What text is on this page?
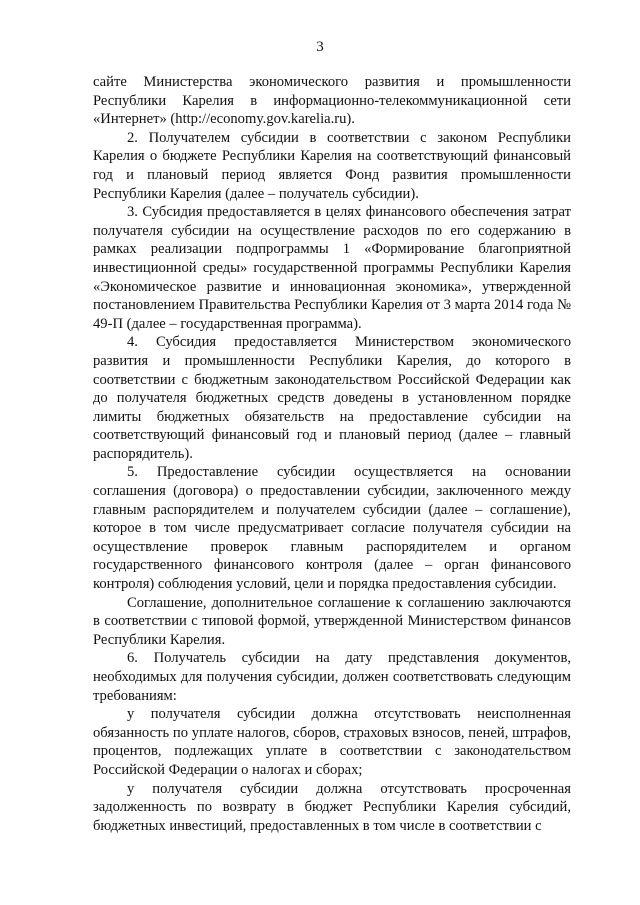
3

сайте Министерства экономического развития и промышленности Республики Карелия в информационно-телекоммуникационной сети «Интернет» (http://economy.gov.karelia.ru).

2. Получателем субсидии в соответствии с законом Республики Карелия о бюджете Республики Карелия на соответствующий финансовый год и плановый период является Фонд развития промышленности Республики Карелия (далее – получатель субсидии).

3. Субсидия предоставляется в целях финансового обеспечения затрат получателя субсидии на осуществление расходов по его содержанию в рамках реализации подпрограммы 1 «Формирование благоприятной инвестиционной среды» государственной программы Республики Карелия «Экономическое развитие и инновационная экономика», утвержденной постановлением Правительства Республики Карелия от 3 марта 2014 года № 49-П (далее – государственная программа).

4. Субсидия предоставляется Министерством экономического развития и промышленности Республики Карелия, до которого в соответствии с бюджетным законодательством Российской Федерации как до получателя бюджетных средств доведены в установленном порядке лимиты бюджетных обязательств на предоставление субсидии на соответствующий финансовый год и плановый период (далее – главный распорядитель).

5. Предоставление субсидии осуществляется на основании соглашения (договора) о предоставлении субсидии, заключенного между главным распорядителем и получателем субсидии (далее – соглашение), которое в том числе предусматривает согласие получателя субсидии на осуществление проверок главным распорядителем и органом государственного финансового контроля (далее – орган финансового контроля) соблюдения условий, цели и порядка предоставления субсидии.

Соглашение, дополнительное соглашение к соглашению заключаются в соответствии с типовой формой, утвержденной Министерством финансов Республики Карелия.

6. Получатель субсидии на дату представления документов, необходимых для получения субсидии, должен соответствовать следующим требованиям:

у получателя субсидии должна отсутствовать неисполненная обязанность по уплате налогов, сборов, страховых взносов, пеней, штрафов, процентов, подлежащих уплате в соответствии с законодательством Российской Федерации о налогах и сборах;

у получателя субсидии должна отсутствовать просроченная задолженность по возврату в бюджет Республики Карелия субсидий, бюджетных инвестиций, предоставленных в том числе в соответствии с
